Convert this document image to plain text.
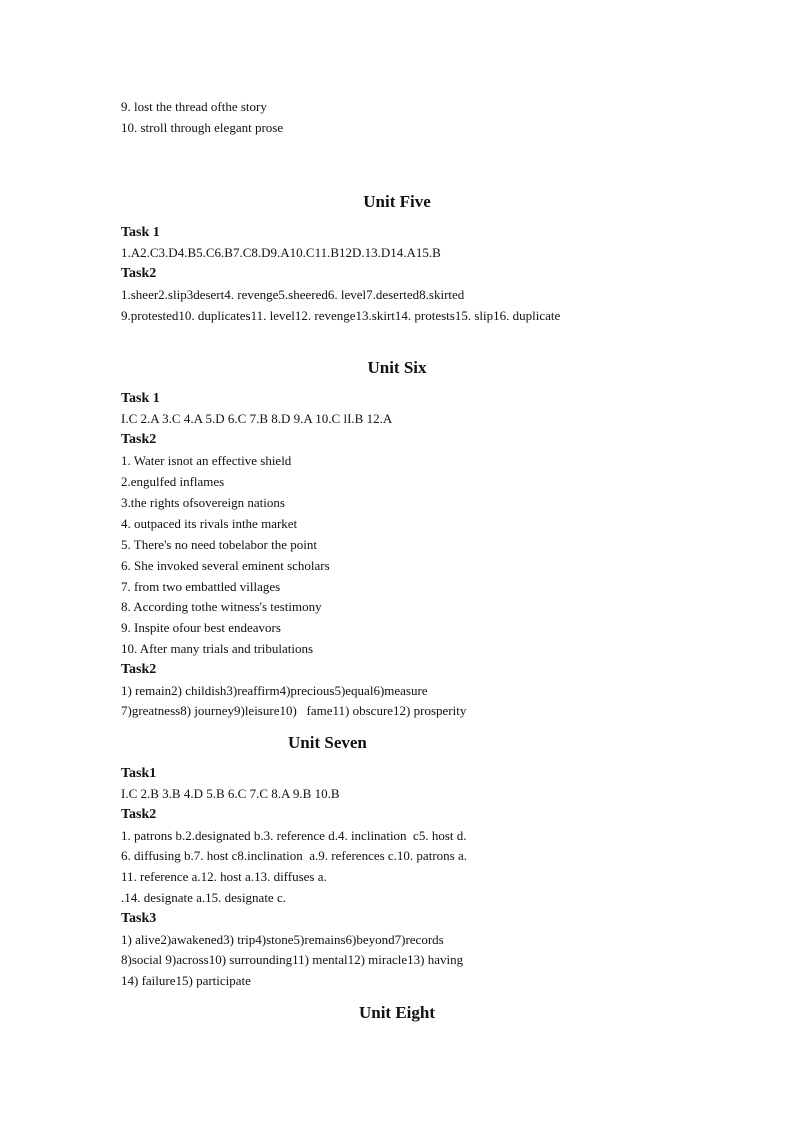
9. lost the thread ofthe story
10. stroll through elegant prose
Unit Five
Task 1
1.A2.C3.D4.B5.C6.B7.C8.D9.A10.C11.B12D.13.D14.A15.B
Task2
1.sheer2.slip3desert4. revenge5.sheered6. level7.deserted8.skirted
9.protested10. duplicates11. level12. revenge13.skirt14. protests15. slip16. duplicate
Unit Six
Task 1
I.C 2.A 3.C 4.A 5.D 6.C 7.B 8.D 9.A 10.C lI.B 12.A
Task2
1. Water isnot an effective shield
2.engulfed inflames
3.the rights ofsovereign nations
4. outpaced its rivals inthe market
5. There's no need tobelabor the point
6. She invoked several eminent scholars
7. from two embattled villages
8. According tothe witness's testimony
9. Inspite ofour best endeavors
10. After many trials and tribulations
Task2
1) remain2) childish3)reaffirm4)precious5)equal6)measure
7)greatness8) journey9)leisure10)   fame11) obscure12) prosperity
Unit Seven
Task1
I.C 2.B 3.B 4.D 5.B 6.C 7.C 8.A 9.B 10.B
Task2
1. patrons b.2.designated b.3. reference d.4. inclination  c5. host d.
6. diffusing b.7. host c8.inclination  a.9. references c.10. patrons a.
11. reference a.12. host a.13. diffuses a.
.14. designate a.15. designate c.
Task3
1) alive2)awakened3) trip4)stone5)remains6)beyond7)records
8)social 9)across10) surrounding11) mental12) miracle13) having
14) failure15) participate
Unit Eight
